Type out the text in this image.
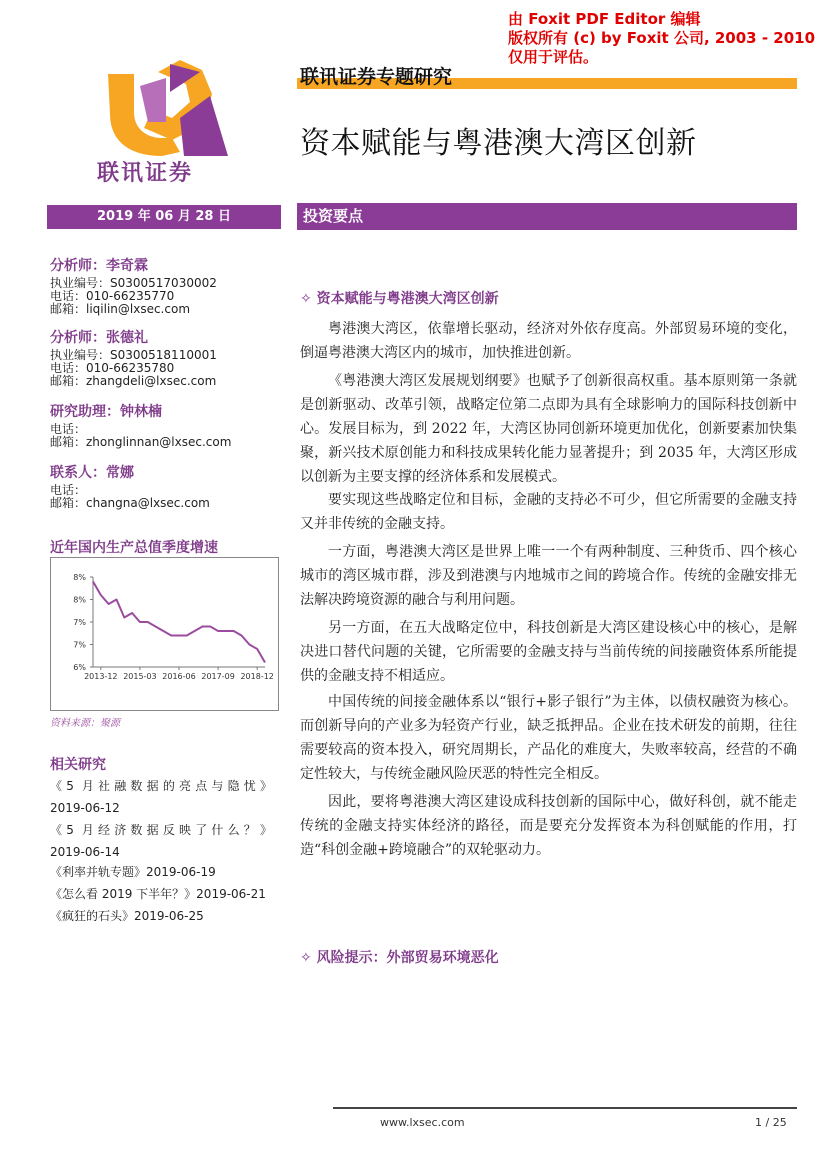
由 Foxit PDF Editor 编辑
版权所有 (c) by Foxit 公司, 2003 - 2010
仅用于评估。
联讯证券
联讯证券专题研究
资本赋能与粤港澳大湾区创新
2019 年 06 月 28 日	投资要点
分析师：李奇霖
执业编号：S0300517030002
电话：010-66235770
邮箱：liqilin@lxsec.com
分析师：张德礼
执业编号：S0300518110001
电话：010-66235780
邮箱：zhangdeli@lxsec.com
研究助理：钟林楠
电话：
邮箱：zhonglinnan@lxsec.com
联系人：常娜
电话：
邮箱：changna@lxsec.com
近年国内生产总值季度增速
8%
8%
7%
7%
6%
2013-12 2015-03 2016-06 2017-09 2018-12
资料来源：聚源
相关研究
《5 月社融数据的亮点与隐忧》
2019-06-12
《5 月经济数据反映了什么？》
2019-06-14
《利率并轨专题》2019-06-19
《怎么看 2019 下半年？》2019-06-21
《疯狂的石头》2019-06-25
✧ 资本赋能与粤港澳大湾区创新

粤港澳大湾区，依靠增长驱动，经济对外依存度高。外部贸易环境的变化，倒逼粤港澳大湾区内的城市，加快推进创新。

《粤港澳大湾区发展规划纲要》也赋予了创新很高权重。基本原则第一条就是创新驱动、改革引领，战略定位第二点即为具有全球影响力的国际科技创新中心。发展目标为，到 2022 年，大湾区协同创新环境更加优化，创新要素加快集聚，新兴技术原创能力和科技成果转化能力显著提升；到 2035 年，大湾区形成以创新为主要支撑的经济体系和发展模式。

要实现这些战略定位和目标，金融的支持必不可少，但它所需要的金融支持又并非传统的金融支持。

一方面，粤港澳大湾区是世界上唯一一个有两种制度、三种货币、四个核心城市的湾区城市群，涉及到港澳与内地城市之间的跨境合作。传统的金融安排无法解决跨境资源的融合与利用问题。

另一方面，在五大战略定位中，科技创新是大湾区建设核心中的核心，是解决进口替代问题的关键，它所需要的金融支持与当前传统的间接融资体系所能提供的金融支持不相适应。

中国传统的间接金融体系以“银行+影子银行”为主体，以债权融资为核心。而创新导向的产业多为轻资产行业，缺乏抵押品。企业在技术研发的前期，往往需要较高的资本投入，研究周期长，产品化的难度大，失败率较高，经营的不确定性较大，与传统金融风险厌恶的特性完全相反。

因此，要将粤港澳大湾区建设成科技创新的国际中心，做好科创，就不能走传统的金融支持实体经济的路径，而是要充分发挥资本为科创赋能的作用，打造“科创金融+跨境融合”的双轮驱动力。

✧ 风险提示：外部贸易环境恶化
www.lxsec.com	1 / 25
